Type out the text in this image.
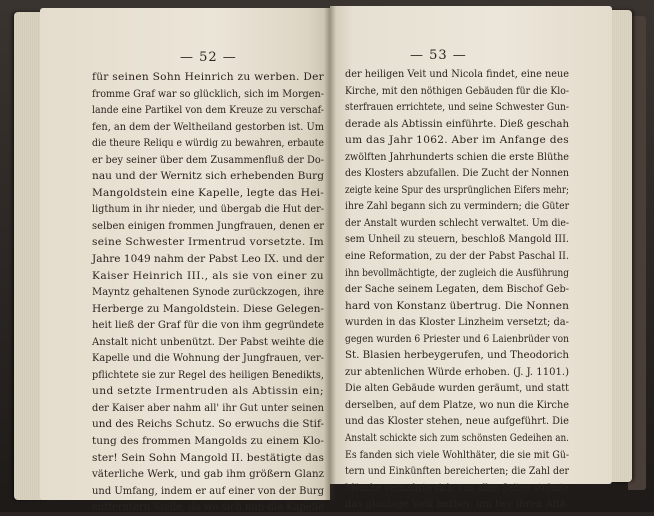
— 52 —	— 53 —
für seinen Sohn Heinrich zu werben. Der
fromme Graf war so glücklich, sich im Morgen-
lande eine Partikel von dem Kreuze zu verschaf-
fen, an dem der Weltheiland gestorben ist. Um
die theure Reliqu e würdig zu bewahren, erbaute
er bey seiner über dem Zusammenfluß der Do-
nau und der Wernitz sich erhebenden Burg
Mangoldstein eine Kapelle, legte das Hei-
ligthum in ihr nieder, und übergab die Hut der-
selben einigen frommen Jungfrauen, denen er
seine Schwester Irmentrud vorsetzte. Im
Jahre 1049 nahm der Pabst Leo IX. und der
Kaiser Heinrich III., als sie von einer zu
Mayntz gehaltenen Synode zurückzogen, ihre
Herberge zu Mangoldstein. Diese Gelegen-
heit ließ der Graf für die von ihm gegründete
Anstalt nicht unbenützt. Der Pabst weihte die
Kapelle und die Wohnung der Jungfrauen, ver-
pflichtete sie zur Regel des heiligen Benedikts,
und setzte Irmentruden als Abtissin ein;
der Kaiser aber nahm all' ihr Gut unter seinen
und des Reichs Schutz. So erwuchs die Stif-
tung des frommen Mangolds zu einem Klo-
ster! Sein Sohn Mangold II. bestätigte das
väterliche Werk, und gab ihm größern Glanz
und Umfang, indem er auf einer von der Burg
entferntern Stelle, da wo sich nun die Kapelle
der heiligen Veit und Nicola findet, eine neue
Kirche, mit den nöthigen Gebäuden für die Klo-
sterfrauen errichtete, und seine Schwester Gun-
derade als Abtissin einführte. Dieß geschah
um das Jahr 1062. Aber im Anfange des
zwölften Jahrhunderts schien die erste Blüthe
des Klosters abzufallen. Die Zucht der Nonnen
zeigte keine Spur des ursprünglichen Eifers mehr;
ihre Zahl begann sich zu vermindern; die Güter
der Anstalt wurden schlecht verwaltet. Um die-
sem Unheil zu steuern, beschloß Mangold III.
eine Reformation, zu der der Pabst Paschal II.
ihn bevollmächtigte, der zugleich die Ausführung
der Sache seinem Legaten, dem Bischof Geb-
hard von Konstanz übertrug. Die Nonnen
wurden in das Kloster Linzheim versetzt; da-
gegen wurden 6 Priester und 6 Laienbrüder von
St. Blasien herbeygerufen, und Theodorich
zur abtenlichen Würde erhoben. (J. J. 1101.)
Die alten Gebäude wurden geräumt, und statt
derselben, auf dem Platze, wo nun die Kirche
und das Kloster stehen, neue aufgeführt. Die
Anstalt schickte sich zum schönsten Gedeihen an.
Es fanden sich viele Wohlthäter, die sie mit Gü-
tern und Einkünften bereicherten; die Zahl der
Mönche vermehrte sich; von allen Seiten strömte
das glaubige Volk herbey, um bey ihren Altä-
